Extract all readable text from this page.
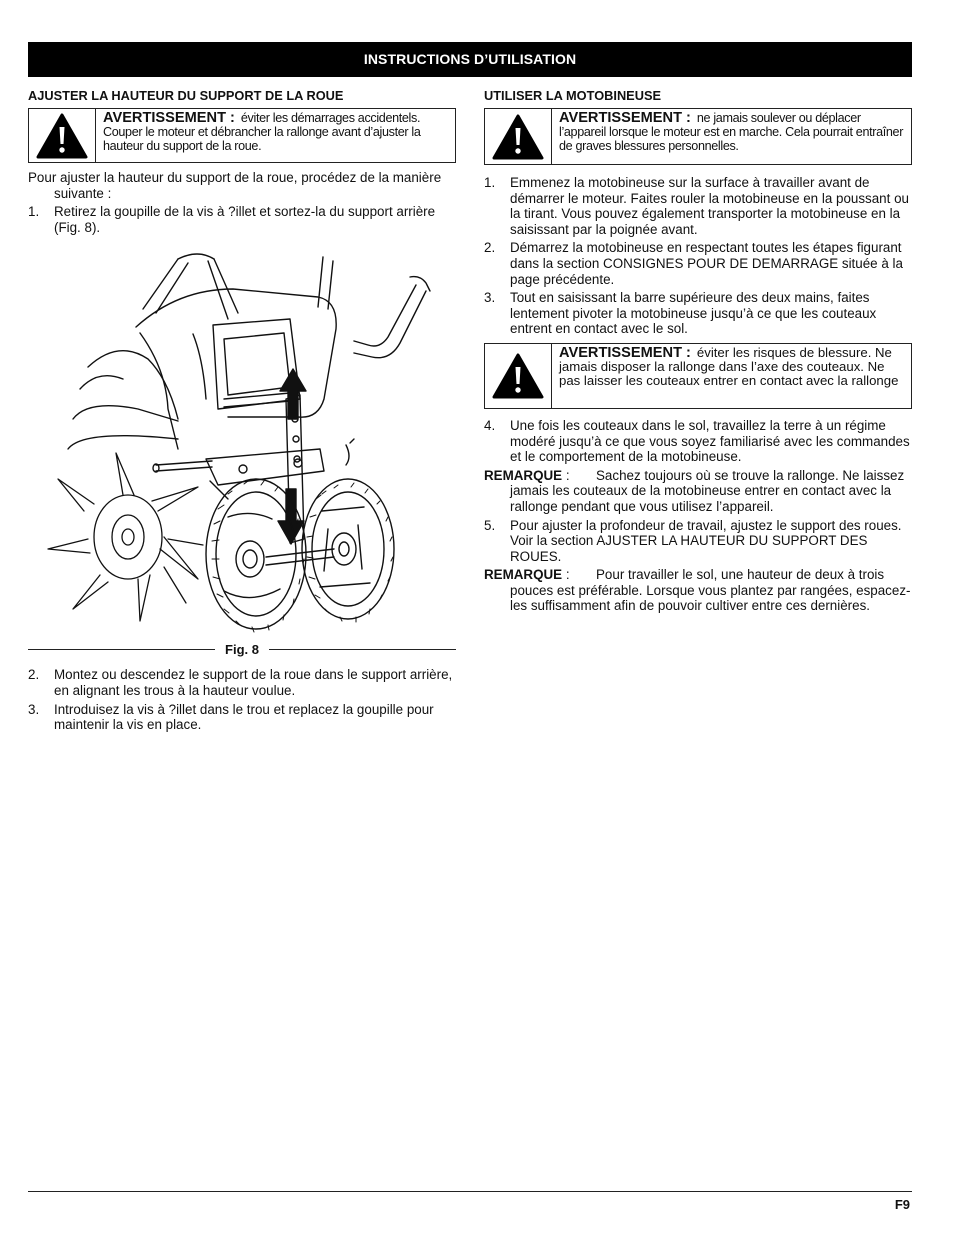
INSTRUCTIONS D’UTILISATION
AJUSTER LA HAUTEUR DU SUPPORT DE LA ROUE
AVERTISSEMENT : éviter les démarrages accidentels. Couper le moteur et débrancher la rallonge avant d’ajuster la hauteur du support de la roue.

Pour ajuster la hauteur du support de la roue, procédez de la manière suivante :

1.	Retirez la goupille de la vis à ?illet et sortez-la du support arrière (Fig. 8).
Fig. 8
2.	Montez ou descendez le support de la roue dans le support arrière, en alignant les trous à la hauteur voulue.
3.	Introduisez la vis à ?illet dans le trou et replacez la goupille pour maintenir la vis en place.
UTILISER LA MOTOBINEUSE
AVERTISSEMENT : ne jamais soulever ou déplacer l’appareil lorsque le moteur est en marche. Cela pourrait entraîner de graves blessures personnelles.
1.	Emmenez la motobineuse sur la surface à travailler avant de démarrer le moteur. Faites rouler la motobineuse en la poussant ou la tirant. Vous pouvez également transporter la motobineuse en la saisissant par la poignée avant.
2.	Démarrez la motobineuse en respectant toutes les étapes figurant dans la section CONSIGNES POUR DE DEMARRAGE située à la page précédente.
3.	Tout en saisissant la barre supérieure des deux mains, faites lentement pivoter la motobineuse jusqu’à ce que les couteaux entrent en contact avec le sol.
AVERTISSEMENT : éviter les risques de blessure. Ne jamais disposer la rallonge dans l’axe des couteaux. Ne pas laisser les couteaux entrer en contact avec la rallonge
4.	Une fois les couteaux dans le sol, travaillez la terre à un régime modéré jusqu’à ce que vous soyez familiarisé avec les commandes et le comportement de la motobineuse.
REMARQUE :	Sachez toujours où se trouve la rallonge. Ne laissez jamais les couteaux de la motobineuse entrer en contact avec la rallonge pendant que vous utilisez l’appareil.
5.	Pour ajuster la profondeur de travail, ajustez le support des roues. Voir la section AJUSTER LA HAUTEUR DU SUPPORT DES ROUES.
REMARQUE :	Pour travailler le sol, une hauteur de deux à trois pouces est préférable. Lorsque vous plantez par rangées, espacez-les suffisamment afin de pouvoir cultiver entre ces dernières.
F9
